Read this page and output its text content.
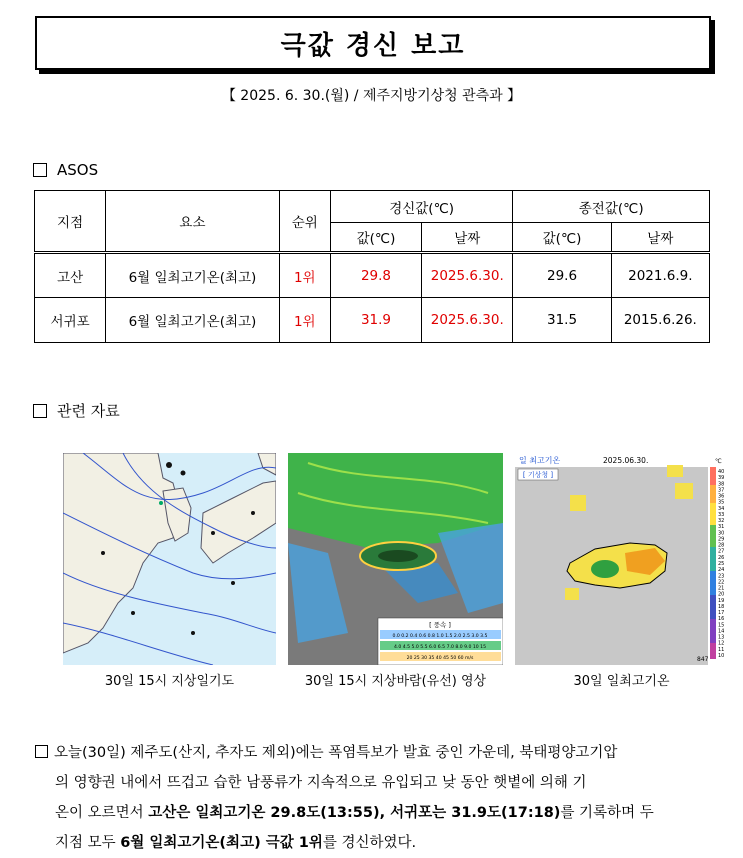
극값 경신 보고
【 2025. 6. 30.(월) / 제주지방기상청 관측과 】
ASOS
지점	요소	순위	경신값(℃)		종전값(℃)	
			값(℃)	날짜	값(℃)	날짜
고산	6월 일최고기온(최고)	1위	29.8	2025.6.30.	29.6	2021.6.9.
서귀포	6월 일최고기온(최고)	1위	31.9	2025.6.30.	31.5	2015.6.26.
관련 자료
30일 15시 지상일기도
[ 풍속 ]
0.0 0.2 0.4 0.6 0.8 1.0 1.5 2.0 2.5 3.0 3.5
4.0 4.5 5.0 5.5 6.0 6.5 7.0 8.0 9.0 10 15
20 25 30 35 40 45 50 60 m/s
30일 15시 지상바람(유선) 영상
일 최고기온	2025.06.30.	℃
[ 기상청 ]	40
39
38
37
36
35
34
33
32
31
30
29
28
27
26
25
24
23
22
21
20
19
18
17
16
15
14
13
12
11
10
847
30일 일최고기온
오늘(30일) 제주도(산지, 추자도 제외)에는 폭염특보가 발효 중인 가운데, 북태평양고기압
의 영향권 내에서 뜨겁고 습한 남풍류가 지속적으로 유입되고 낮 동안 햇볕에 의해 기
온이 오르면서 고산은 일최고기온 29.8도(13:55), 서귀포는 31.9도(17:18)를 기록하며 두
지점 모두 6월 일최고기온(최고) 극값 1위를 경신하였다.
